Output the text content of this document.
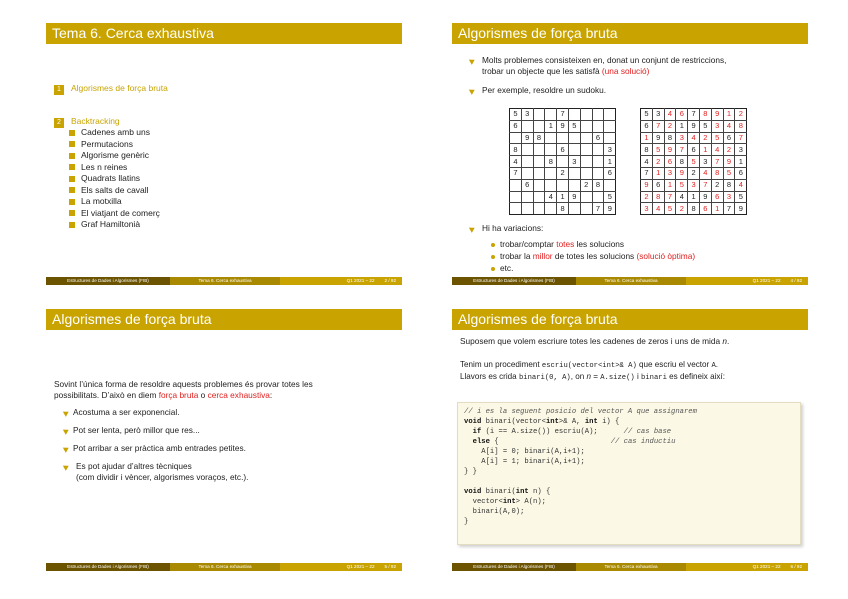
Tema 6. Cerca exhaustiva
1 Algorismes de força bruta
2 Backtracking
Cadenes amb uns
Permutacions
Algorisme genèric
Les n reines
Quadrats llatins
Els salts de cavall
La motxilla
El viatjant de comerç
Graf Hamiltonià
Estructures de Dades i Algorismes (FIB)	Tema 6. Cerca exhaustiva	Q1 2021 – 22 2 / 92
Algorismes de força bruta
Molts problemes consisteixen en, donat un conjunt de restriccions,
trobar un objecte que les satisfà (una solució)
Per exemple, resoldre un sudoku.
5	3			7				
6			1	9	5			
	9	8					6	
8				6				3
4			8		3			1
7				2				6
	6					2	8	
			4	1	9			5
				8			7	9
5	3	4	6	7	8	9	1	2
6	7	2	1	9	5	3	4	8
1	9	8	3	4	2	5	6	7
8	5	9	7	6	1	4	2	3
4	2	6	8	5	3	7	9	1
7	1	3	9	2	4	8	5	6
9	6	1	5	3	7	2	8	4
2	8	7	4	1	9	6	3	5
3	4	5	2	8	6	1	7	9
Hi ha variacions:
trobar/comptar totes les solucions
trobar la millor de totes les solucions (solució òptima)
etc.
Estructures de Dades i Algorismes (FIB)	Tema 6. Cerca exhaustiva	Q1 2021 – 22 4 / 92
Algorismes de força bruta
Sovint l’única forma de resoldre aquests problemes és provar totes les
possibilitats. D’això en diem força bruta o cerca exhaustiva:
Acostuma a ser exponencial.
Pot ser lenta, però millor que res...
Pot arribar a ser pràctica amb entrades petites.
Es pot ajudar d’altres tècniques
(com dividir i vèncer, algorismes voraços, etc.).
Estructures de Dades i Algorismes (FIB)	Tema 6. Cerca exhaustiva	Q1 2021 – 22 5 / 92
Algorismes de força bruta
Suposem que volem escriure totes les cadenes de zeros i uns de mida n.
Tenim un procediment escriu(vector<int>& A) que escriu el vector A.
Llavors es crida binari(0, A), on n = A.size() i binari es defineix així:
// i es la seguent posicio del vector A que assignarem
void binari(vector<int>& A, int i) {
if (i == A.size()) escriu(A);	// cas base
else {	// cas inductiu
A[i] = 0; binari(A,i+1);
A[i] = 1; binari(A,i+1);
} }

void binari(int n) {
vector<int> A(n);
binari(A,0);
}
Estructures de Dades i Algorismes (FIB)	Tema 6. Cerca exhaustiva	Q1 2021 – 22 6 / 92
